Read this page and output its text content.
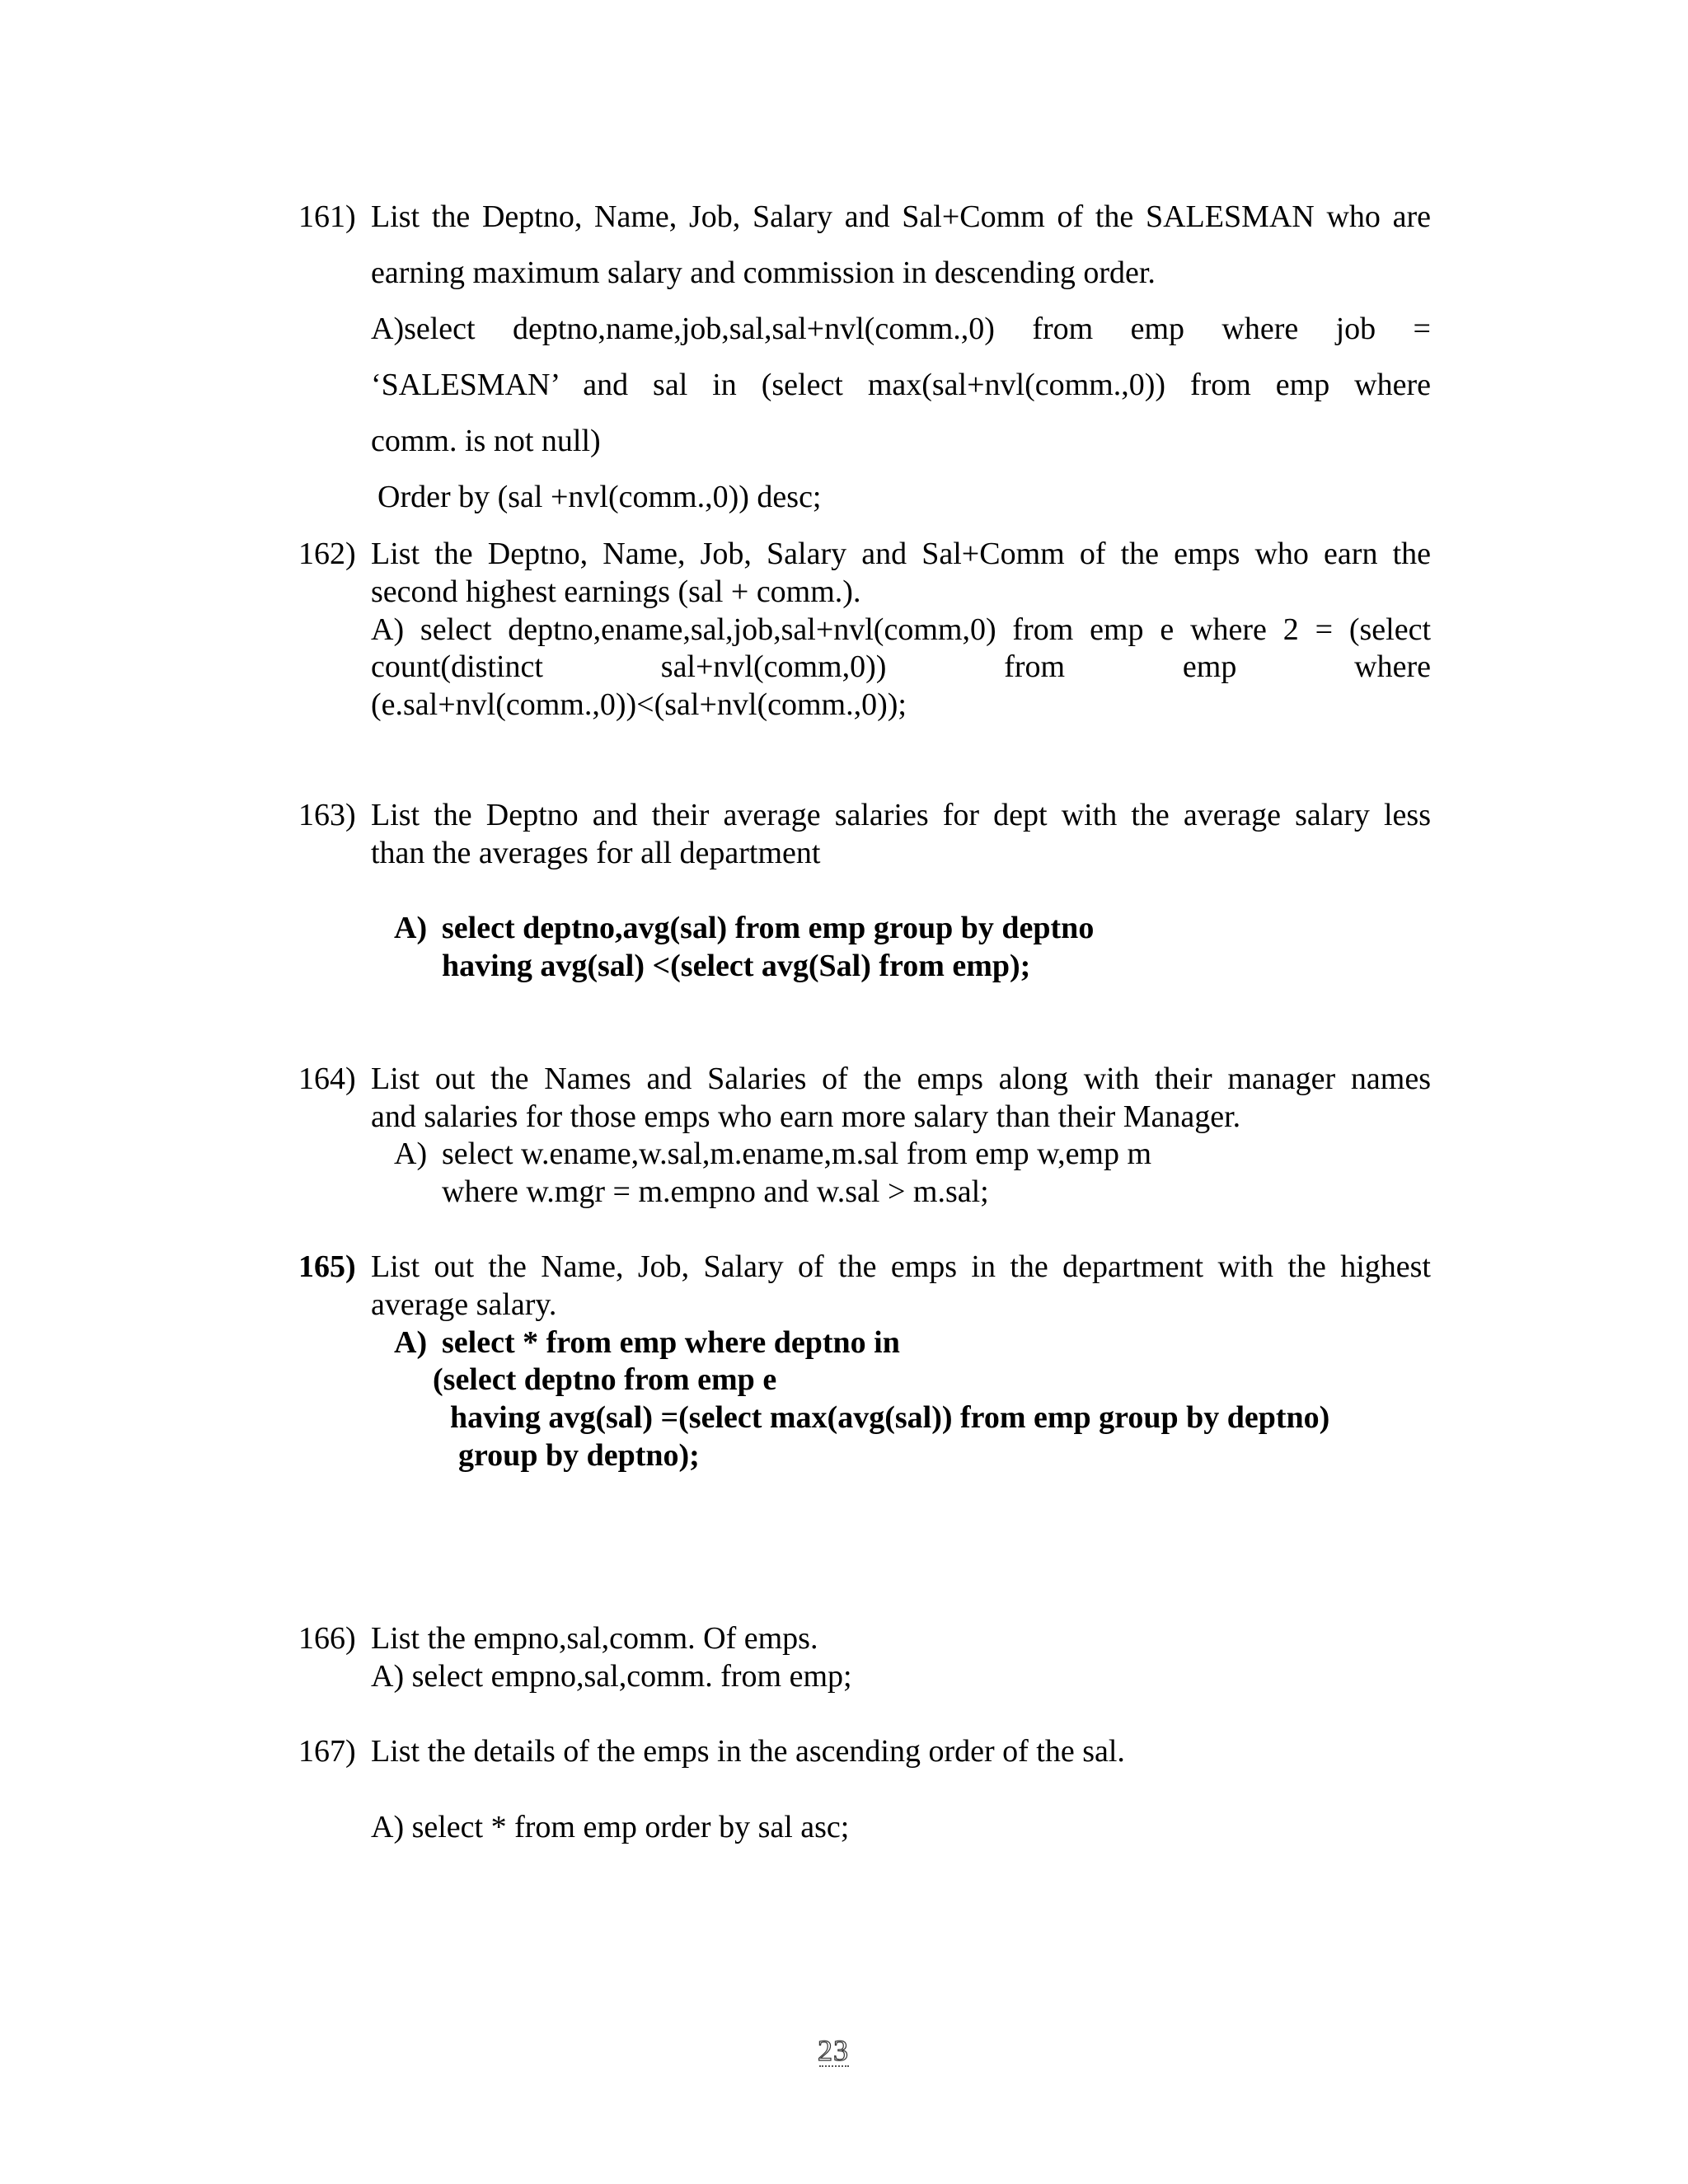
161) List the Deptno, Name, Job, Salary and Sal+Comm of the SALESMAN who are

earning maximum salary and commission in descending order.

A)select deptno,name,job,sal,sal+nvl(comm.,0) from emp where job =

‘SALESMAN’ and sal in (select max(sal+nvl(comm.,0)) from emp where

comm. is not null)

Order by (sal +nvl(comm.,0)) desc;

162) List the Deptno, Name, Job, Salary and Sal+Comm of the emps who earn the

second highest earnings (sal + comm.).

A) select deptno,ename,sal,job,sal+nvl(comm,0) from emp e where 2 = (select

count(distinct sal+nvl(comm,0)) from emp where

(e.sal+nvl(comm.,0))<(sal+nvl(comm.,0));

163) List the Deptno and their average salaries for dept with the average salary less

than the averages for all department

A) select deptno,avg(sal) from emp group by deptno

having avg(sal) <(select avg(Sal) from emp);

164) List out the Names and Salaries of the emps along with their manager names

and salaries for those emps who earn more salary than their Manager.

A) select w.ename,w.sal,m.ename,m.sal from emp w,emp m

where w.mgr = m.empno and w.sal > m.sal;

165) List out the Name, Job, Salary of the emps in the department with the highest

average salary.

A) select * from emp where deptno in

(select deptno from emp e

having avg(sal) =(select max(avg(sal)) from emp group by deptno)

group by deptno);

166) List the empno,sal,comm. Of emps.

A) select empno,sal,comm. from emp;

167) List the details of the emps in the ascending order of the sal.

A) select * from emp order by sal asc;

23
